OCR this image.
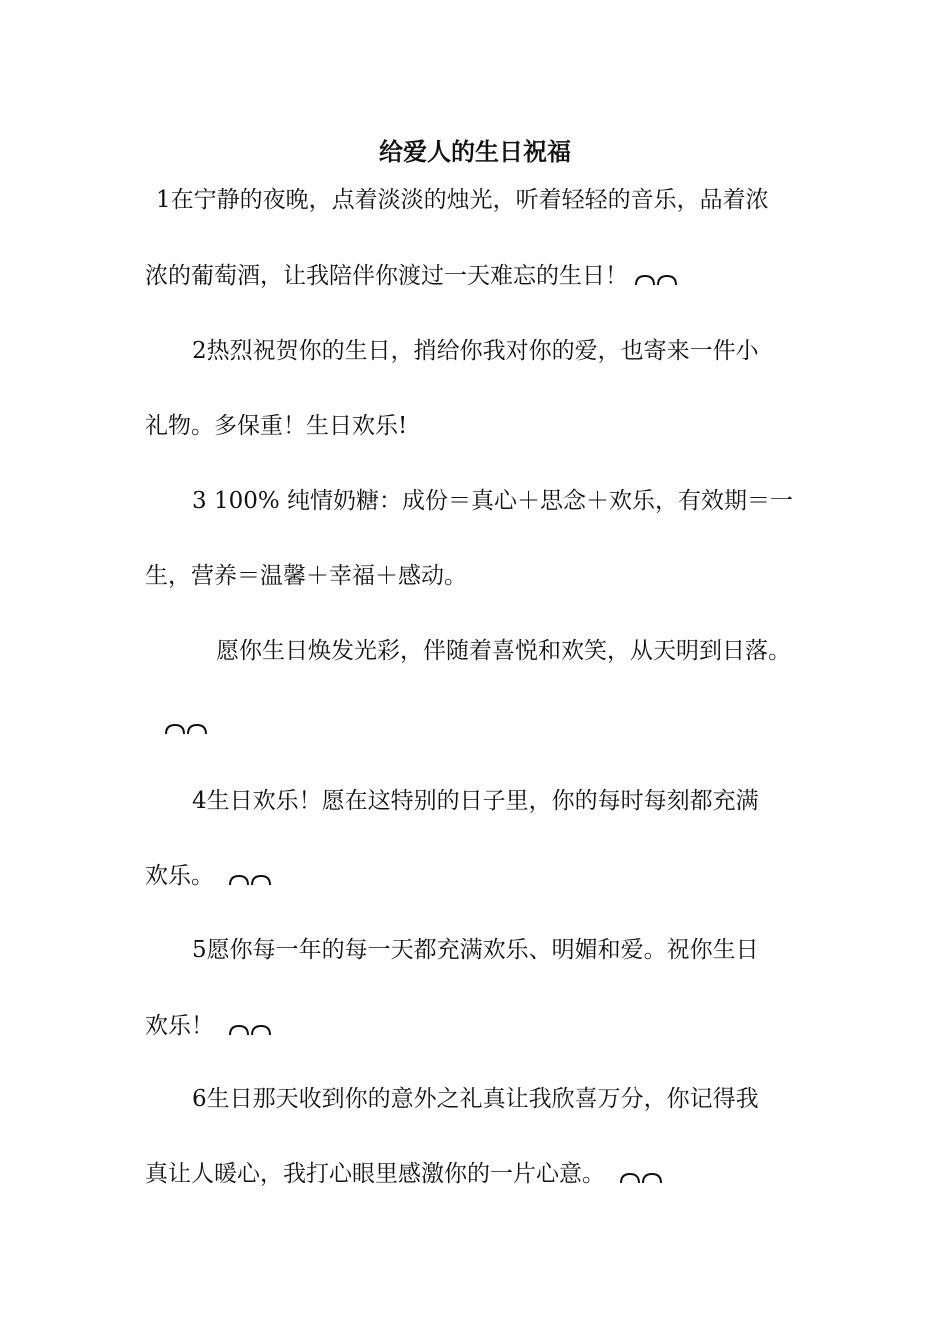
给爱人的生日祝福
1在宁静的夜晚，点着淡淡的烛光，听着轻轻的音乐，品着浓
浓的葡萄酒，让我陪伴你渡过一天难忘的生日！
2热烈祝贺你的生日，捎给你我对你的爱，也寄来一件小
礼物。多保重！生日欢乐!
3 100% 纯情奶糖：成份＝真心＋思念＋欢乐，有效期＝一
生，营养＝温馨＋幸福＋感动。
愿你生日焕发光彩，伴随着喜悦和欢笑，从天明到日落。
4生日欢乐！愿在这特别的日子里，你的每时每刻都充满
欢乐。
5愿你每一年的每一天都充满欢乐、明媚和爱。祝你生日
欢乐！
6生日那天收到你的意外之礼真让我欣喜万分，你记得我
真让人暖心，我打心眼里感激你的一片心意。
